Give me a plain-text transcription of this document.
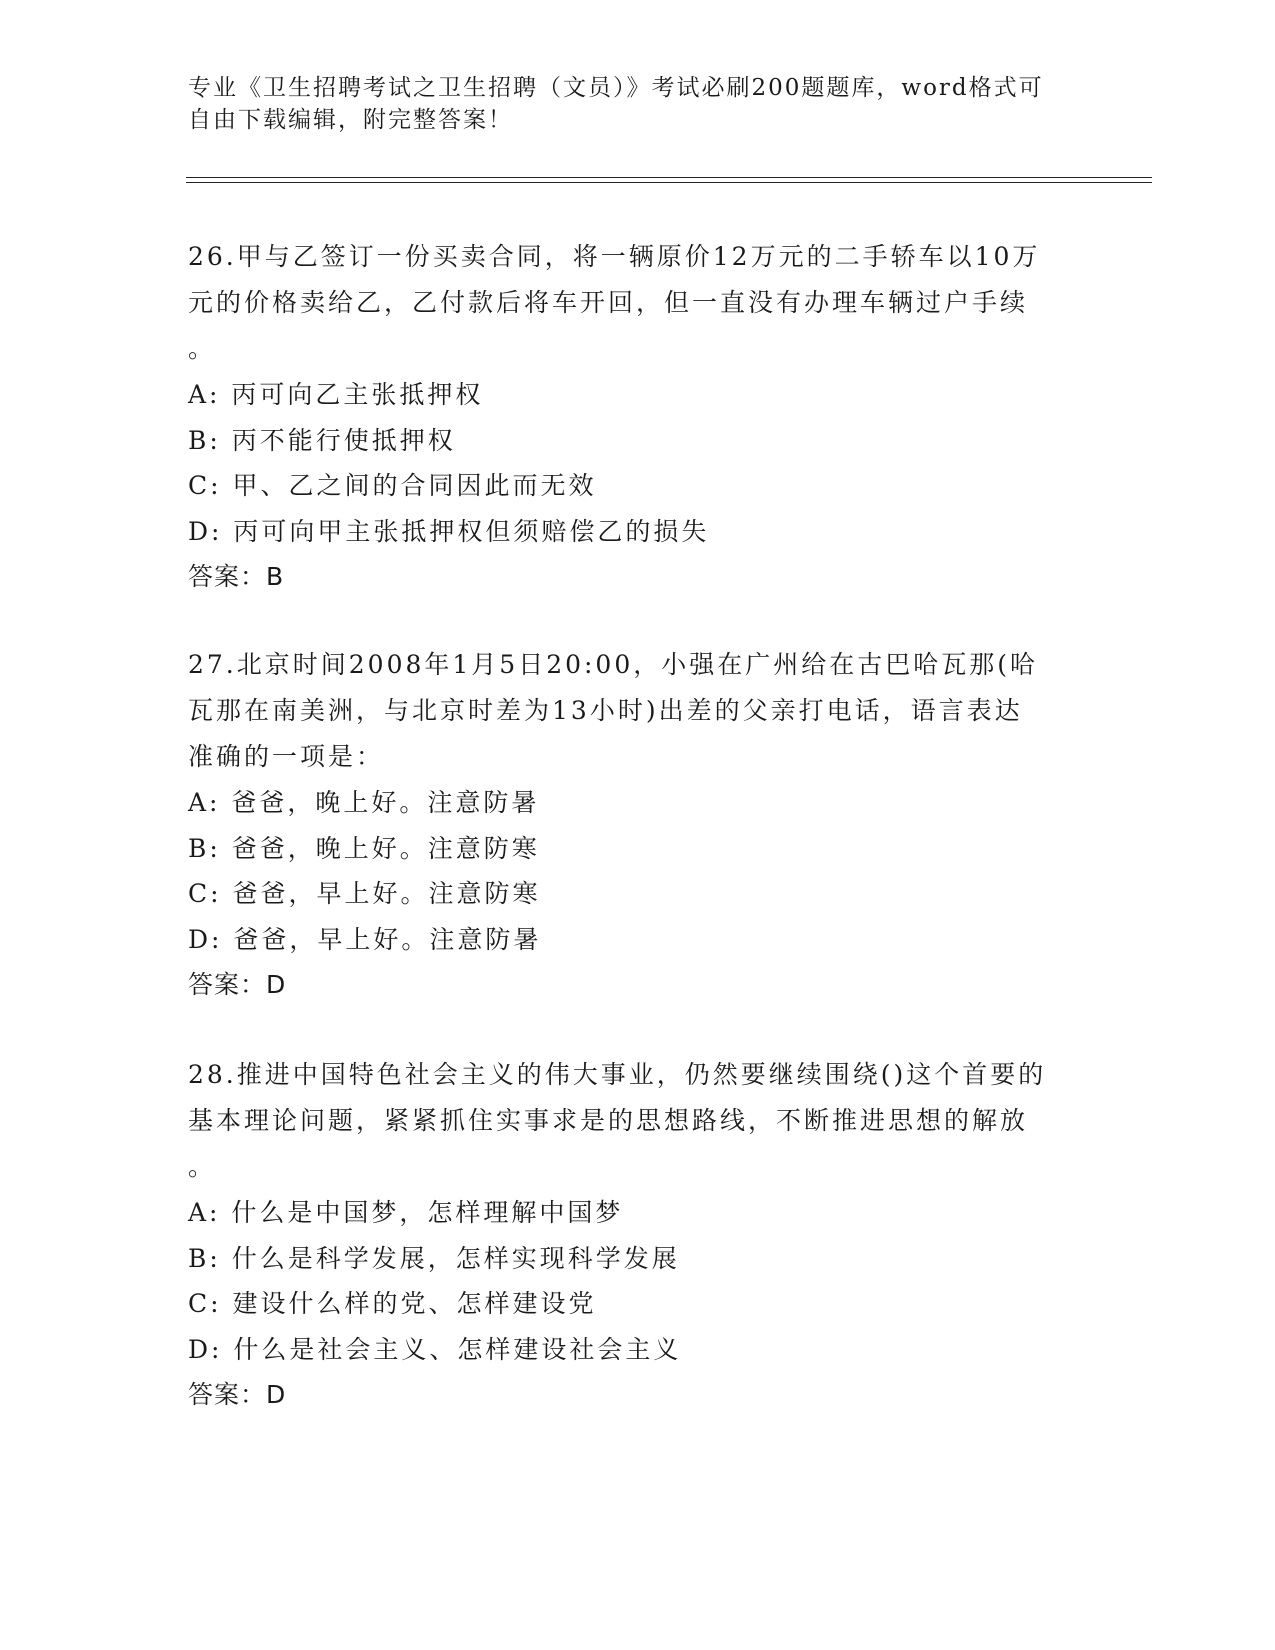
专业《卫生招聘考试之卫生招聘（文员）》考试必刷200题题库，word格式可自由下载编辑，附完整答案！

26.甲与乙签订一份买卖合同，将一辆原价12万元的二手轿车以10万

元的价格卖给乙，乙付款后将车开回，但一直没有办理车辆过户手续

。

A: 丙可向乙主张抵押权

B: 丙不能行使抵押权

C: 甲、乙之间的合同因此而无效

D: 丙可向甲主张抵押权但须赔偿乙的损失

答案：B

27.北京时间2008年1月5日20:00，小强在广州给在古巴哈瓦那(哈

瓦那在南美洲，与北京时差为13小时)出差的父亲打电话，语言表达

准确的一项是：

A: 爸爸，晚上好。注意防暑

B: 爸爸，晚上好。注意防寒

C: 爸爸，早上好。注意防寒

D: 爸爸，早上好。注意防暑

答案：D

28.推进中国特色社会主义的伟大事业，仍然要继续围绕()这个首要的

基本理论问题，紧紧抓住实事求是的思想路线，不断推进思想的解放

。

A: 什么是中国梦，怎样理解中国梦

B: 什么是科学发展，怎样实现科学发展

C: 建设什么样的党、怎样建设党

D: 什么是社会主义、怎样建设社会主义

答案：D
